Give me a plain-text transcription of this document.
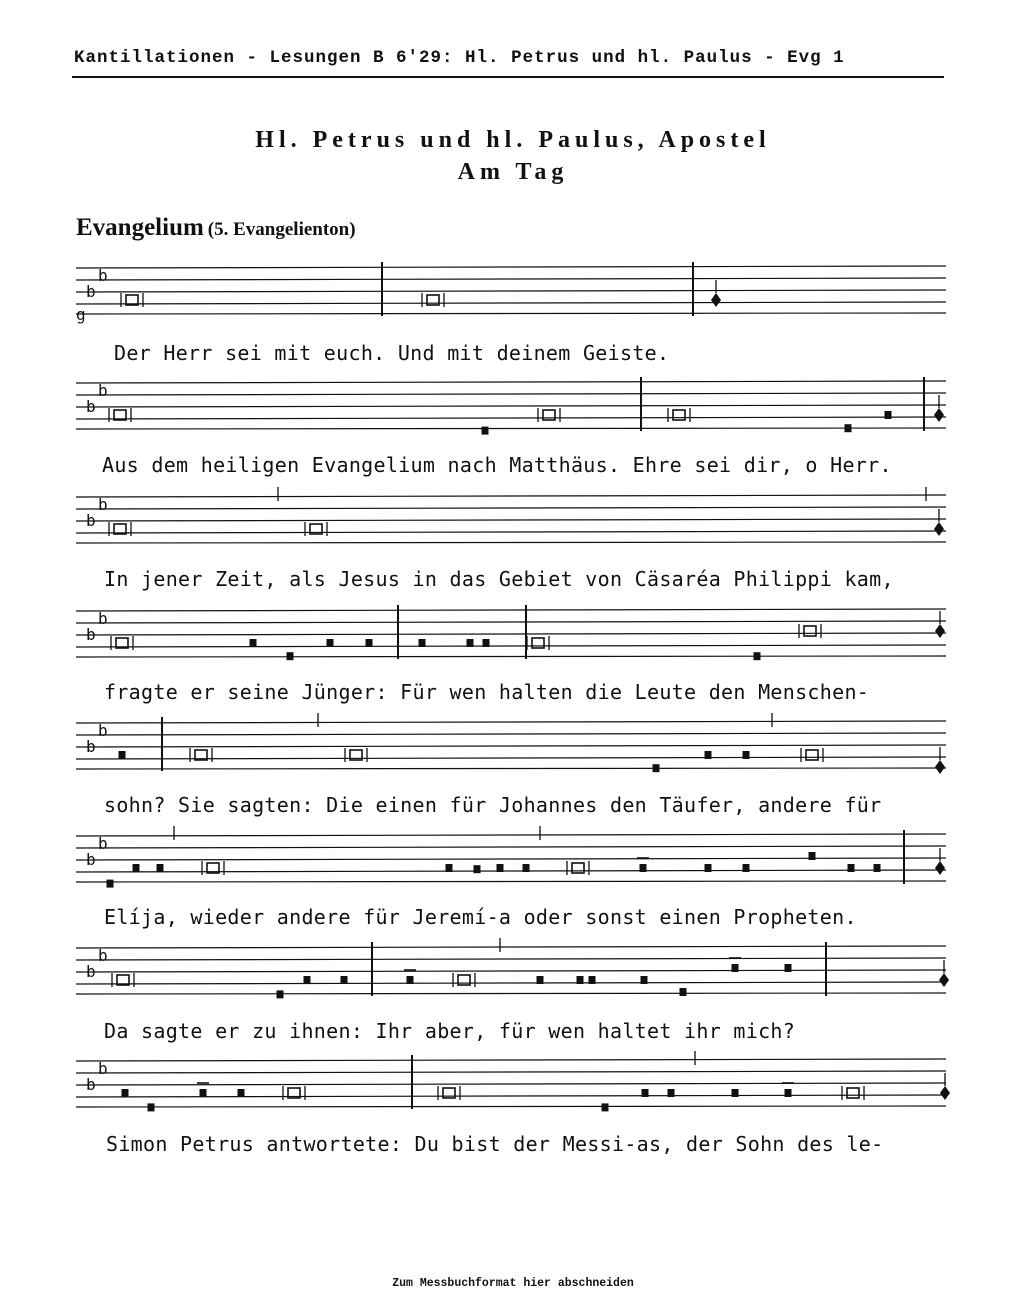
Kantillationen - Lesungen B 6'29: Hl. Petrus und hl. Paulus - Evg 1
Hl. Petrus und hl. Paulus, Apostel
Am Tag
Evangelium (5. Evangelienton)
b
b
g
Der Herr sei mit euch. Und mit deinem Geiste.
b
b
Aus dem heiligen Evangelium nach Matthäus. Ehre sei dir, o Herr.
b
b
In jener Zeit, als Jesus in das Gebiet von Cäsaréa Philippi kam,
b
b
fragte er seine Jünger: Für wen halten die Leute den Menschen-
b
b
sohn? Sie sagten: Die einen für Johannes den Täufer, andere für
b
b
Elíja, wieder andere für Jeremí-a oder sonst einen Propheten.
b
b
Da sagte er zu ihnen: Ihr aber, für wen haltet ihr mich?
b
b
Simon Petrus antwortete: Du bist der Messi-as, der Sohn des le-
Zum Messbuchformat hier abschneiden
